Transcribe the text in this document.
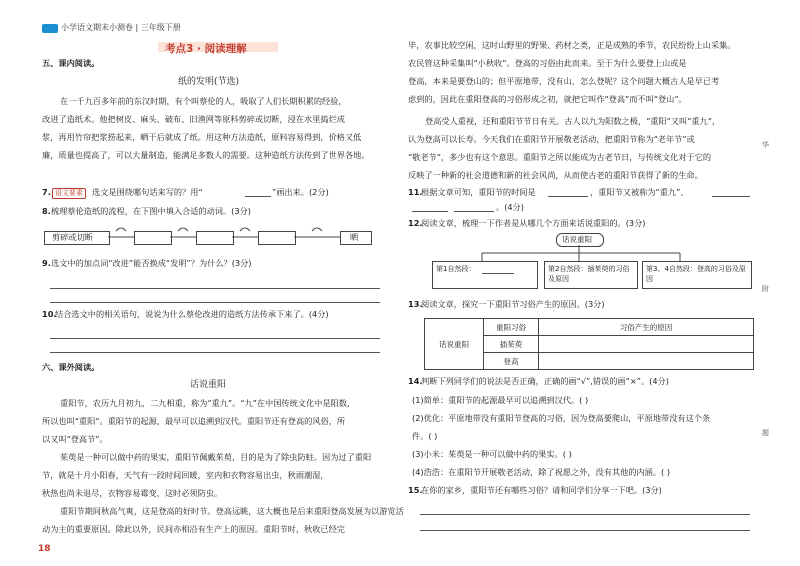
小学语文期末小测卷 | 三年级下册
考点3 · 阅读理解
五、课内阅读。
纸的发明(节选)
在一千九百多年前的东汉时期，有个叫蔡伦的人，吸取了人们长期积累的经验，
改进了造纸术。他把树皮、麻头、破布、旧渔网等原料剪碎或切断，浸在水里捣烂成
浆，再用竹帘把浆捞起来，晒干后就成了纸。用这种方法造纸，原料容易得到，价格又低
廉，质量也提高了，可以大量制造，能满足多数人的需要。这种造纸方法传到了世界各地。
7. 语文要素	选文是围绕哪句话来写的？用“	”画出来。(2分)
8. 梳理蔡伦造纸的流程，在下图中填入合适的动词。(3分)
剪碎或切断	晒
9. 选文中的加点词“改进”能否换成“发明”？为什么？(3分)
10.
结合选文中的相关语句，说说为什么蔡伦改进的造纸方法传承下来了。(4分)
六、课外阅读。
话说重阳
重阳节，农历九月初九，二九相重，称为“重九”。“九”在中国传统文化中是阳数，
所以也叫“重阳”。重阳节的起源，最早可以追溯到汉代。重阳节还有登高的风俗，所
以又叫“登高节”。
茱萸是一种可以做中药的果实，重阳节佩戴茱萸，目的是为了除虫防蛀。因为过了重阳
节，就是十月小阳春，天气有一段时间回暖，室内和衣物容易出虫，秋雨潮湿，
秋热也尚未退尽，衣物容易霉变，这时必须防虫。
重阳节期间秋高气爽，这是登高的好时节。登高远眺，这大概也是后来重阳登高发展为以游览活
动为主的重要原因。除此以外，民间亦相沿有生产上的原因。重阳节时，秋收已经完
18
毕，农事比较空闲，这时山野里的野果、药材之类，正是成熟的季节，农民纷纷上山采集。
农民管这种采集叫“小秋收”。登高的习俗由此而来。至于为什么要登上山或是
登高，本来是要登山的；但平原地带，没有山，怎么登呢？这个问题大概古人是早已考
虑到的，因此在重阳登高的习俗形成之初，就把它叫作“登高”而不叫“登山”。
登高受人重视，还和重阳节节日有关。古人以九为阳数之极，“重阳”又叫“重九”，
认为登高可以长寿。今天我们在重阳节开展敬老活动，把重阳节称为“老年节”或
“敬老节”，多少也有这个意思。重阳节之所以能成为古老节日，与传统文化对于它的
反映了一种新的社会道德和新的社会风尚，从而使古老的重阳节获得了新的生命。
11.
根据文章可知，重阳节的时间是	，重阳节又被称为“重九”、
。(4分)
12.
阅读文章，梳理一下作者是从哪几个方面来话说重阳的。(3分)
话说重阳
第1自然段：	第2自然段：插茱萸的习俗及原因
第3、4自然段：登高的习俗及原因
13.
阅读文章，探究一下重阳节习俗产生的原因。(3分)
话说重阳	重阳习俗	习俗产生的原因
	插茱萸	
	登高	
14.
判断下列同学们的说法是否正确，正确的画“√”,错误的画“×”。(4分)
(1)简单：重阳节的起源最早可以追溯到汉代。( )
(2)优化：平原地带没有重阳节登高的习俗，因为登高要爬山，平原地带没有这个条
件。( )
(3)小米：茱萸是一种可以做中药的果实。( )
(4)浩浩：在重阳节开展敬老活动，除了祝愿之外，没有其他的内涵。( )
15.
在你的家乡，重阳节还有哪些习俗？请和同学们分享一下吧。(3分)
华
附
题
